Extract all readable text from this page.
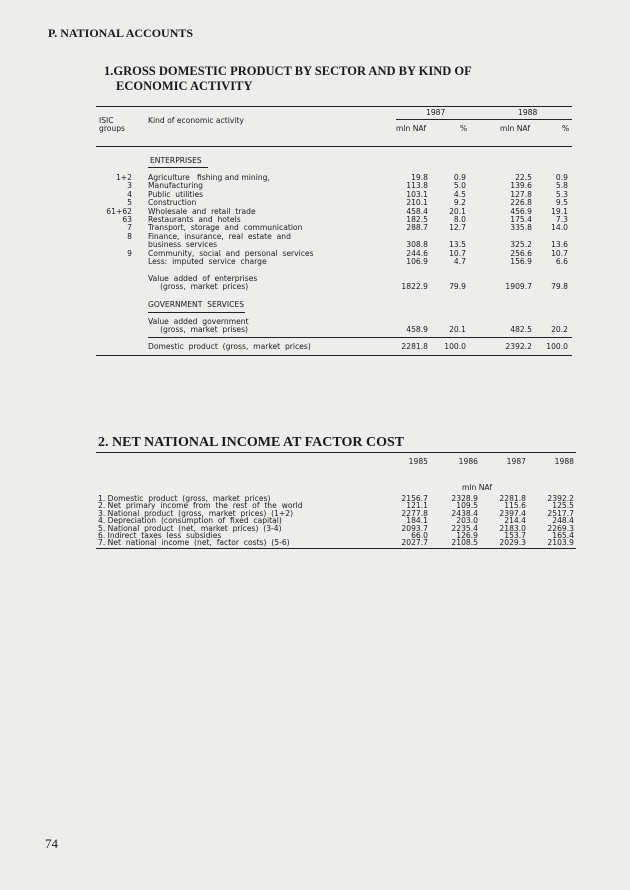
P. NATIONAL ACCOUNTS
1.GROSS DOMESTIC PRODUCT BY SECTOR AND BY KIND OF
ECONOMIC ACTIVITY
1987	1988
ISIC
groups
Kind of economic activity
mln NAf	%	mln NAf	%
ENTERPRISES
Value  added  of  enterprises
(gross,  market  prices)	1822.9	79.9	1909.7	79.8
GOVERNMENT  SERVICES
Value  added  government
(gross,  market  prises)	458.9	20.1	482.5	20.2
Domestic  product  (gross,  market  prices)	2281.8	100.0	2392.2	100.0
2. NET NATIONAL INCOME AT FACTOR COST
mln NAf
74
1+2 Agriculture   fishing and mining,	19.8	0.9	22.5	0.9
3 Manufacturing	113.8	5.0	139.6	5.8
4 Public  utilities	103.1	4.5	127.8	5.3
5 Construction	210.1	9.2	226.8	9.5
61+62 Wholesale  and  retail  trade	458.4	20.1	456.9	19.1
63 Restaurants  and  hotels	182.5	8.0	175.4	7.3
7 Transport,  storage  and  communication	288.7	12.7	335.8	14.0
8 Finance,  insurance,  real  estate  and
business  services	308.8	13.5	325.2	13.6
9 Community,  social  and  personal  services	244.6	10.7	256.6	10.7
Less:  imputed  service  charge	106.9	4.7	156.9	6.6
1985	1986	1987	1988
1. Domestic  product  (gross,  market  prices)	2156.7	2328.9	2281.8	2392.2
2. Net  primary  income  from  the  rest  of  the  world	121.1	109.5	115.6	125.5
3. National  product  (gross,  market  prices)  (1+2)	2277.8	2438.4	2397.4	2517.7
4. Depreciation  (consumption  of  fixed  capital)	184.1	203.0	214.4	248.4
5. National  product  (net,  market  prices)  (3-4)	2093.7	2235.4	2183.0	2269.3
6. Indirect  taxes  less  subsidies	66.0	126.9	153.7	165.4
7. Net  national  income  (net,  factor  costs)  (5-6)	2027.7	2108.5	2029.3	2103.9
